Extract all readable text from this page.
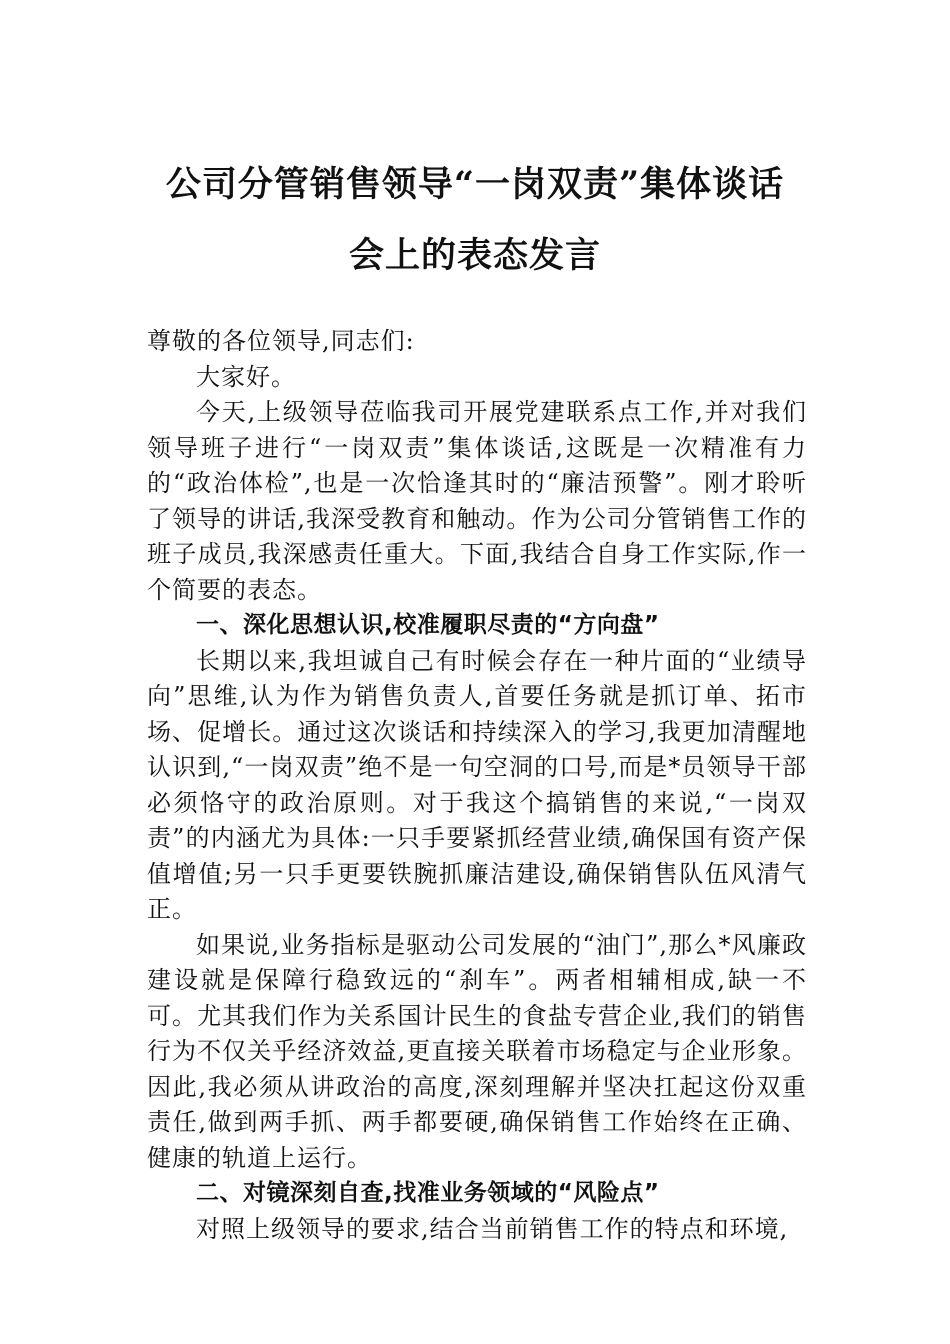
公司分管销售领导“一岗双责”集体谈话
会上的表态发言

尊敬的各位领导,同志们:

大家好。

今天,上级领导莅临我司开展党建联系点工作,并对我们领导班子进行“一岗双责”集体谈话,这既是一次精准有力的“政治体检”,也是一次恰逢其时的“廉洁预警”。刚才聆听了领导的讲话,我深受教育和触动。作为公司分管销售工作的班子成员,我深感责任重大。下面,我结合自身工作实际,作一个简要的表态。

一、深化思想认识,校准履职尽责的“方向盘”

长期以来,我坦诚自己有时候会存在一种片面的“业绩导向”思维,认为作为销售负责人,首要任务就是抓订单、拓市场、促增长。通过这次谈话和持续深入的学习,我更加清醒地认识到,“一岗双责”绝不是一句空洞的口号,而是*员领导干部必须恪守的政治原则。对于我这个搞销售的来说,“一岗双责”的内涵尤为具体:一只手要紧抓经营业绩,确保国有资产保值增值;另一只手更要铁腕抓廉洁建设,确保销售队伍风清气正。

如果说,业务指标是驱动公司发展的“油门”,那么*风廉政建设就是保障行稳致远的“刹车”。两者相辅相成,缺一不可。尤其我们作为关系国计民生的食盐专营企业,我们的销售行为不仅关乎经济效益,更直接关联着市场稳定与企业形象。因此,我必须从讲政治的高度,深刻理解并坚决扛起这份双重责任,做到两手抓、两手都要硬,确保销售工作始终在正确、健康的轨道上运行。

二、对镜深刻自查,找准业务领域的“风险点”

对照上级领导的要求,结合当前销售工作的特点和环境,
